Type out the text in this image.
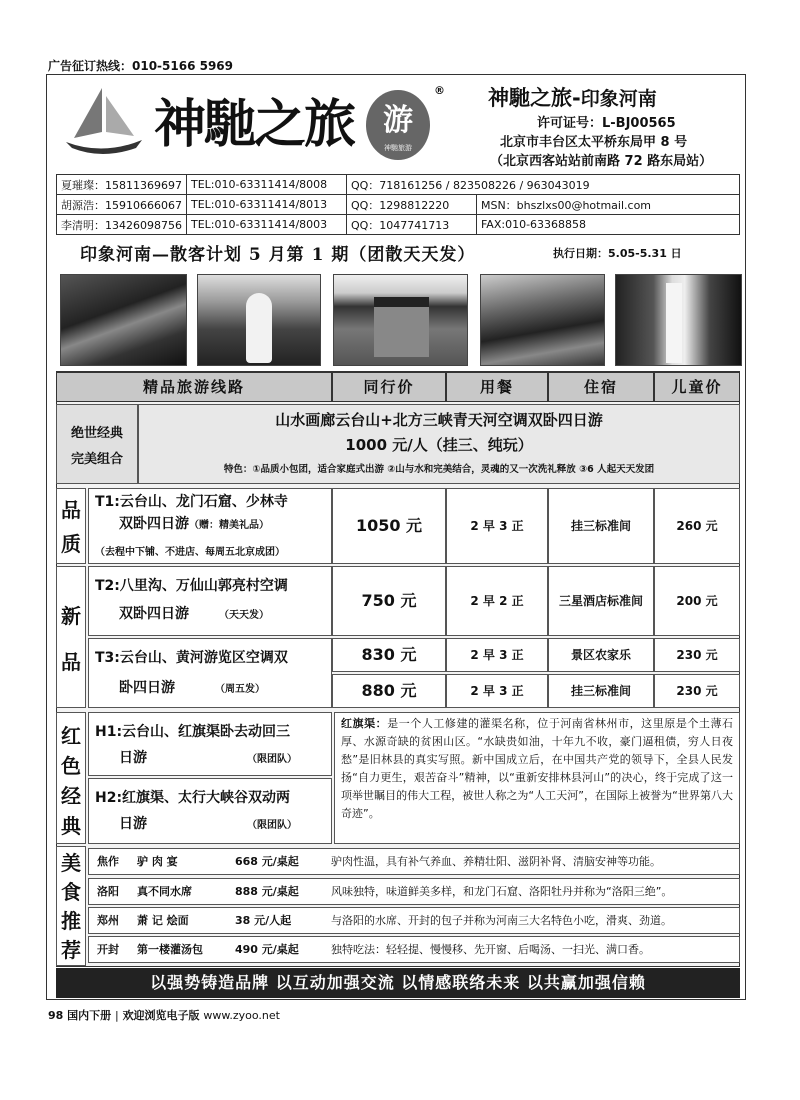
广告征订热线：010-5166 5969
神馳之旅 游
神馳旅游
® 神馳之旅-印象河南
许可证号：L-BJ00565
北京市丰台区太平桥东局甲 8 号
（北京西客站站前南路 72 路东局站）
夏璀璨：15811369697	TEL:010-63311414/8008	QQ：718161256 / 823508226 / 963043019	
胡源浩：15910666067	TEL:010-63311414/8013	QQ：1298812220	MSN：bhszlxs00@hotmail.com
李清明：13426098756	TEL:010-63311414/8003	QQ：1047741713	FAX:010-63368858
印象河南—散客计划 5 月第 1 期（团散天天发）	执行日期：5.05-5.31 日
精品旅游线路	同行价	用餐	住宿	儿童价
绝世经典
完美组合
山水画廊云台山+北方三峡青天河空调双卧四日游
1000 元/人（挂三、纯玩）
特色：①品质小包团，适合家庭式出游 ②山与水和完美结合，灵魂的又一次洗礼释放 ③6 人起天天发团
品质
T1:云台山、龙门石窟、少林寺
双卧四日游（赠：精美礼品）
（去程中下铺、不进店、每周五北京成团）
1050 元	2 早 3 正	挂三标准间	260 元
新品
T2:八里沟、万仙山郭亮村空调
双卧四日游	（天天发）
750 元	2 早 2 正	三星酒店标准间	200 元
T3:云台山、黄河游览区空调双
卧四日游	（周五发）
830 元	2 早 3 正	景区农家乐	230 元
880 元	2 早 3 正	挂三标准间	230 元
红色经典
H1:云台山、红旗渠卧去动回三
日游	（限团队）
H2:红旗渠、太行大峡谷双动两
日游	（限团队）
红旗渠：是一个人工修建的灌渠名称，位于河南省林州市，这里原是个土薄石厚、水源奇缺的贫困山区。“水缺贵如油，十年九不收，豪门逼租债，穷人日夜愁”是旧林县的真实写照。新中国成立后，在中国共产党的领导下，全县人民发扬“自力更生，艰苦奋斗”精神，以“重新安排林县河山”的决心，终于完成了这一项举世瞩目的伟大工程，被世人称之为“人工天河”，在国际上被誉为“世界第八大奇迹”。
美食推荐
焦作 驴 肉 宴	668 元/桌起	驴肉性温，具有补气养血、养精壮阳、滋阴补肾、清脑安神等功能。
洛阳 真不同水席	888 元/桌起	风味独特，味道鲜美多样，和龙门石窟、洛阳牡丹并称为“洛阳三绝”。
郑州 萧 记 烩面	38 元/人起	与洛阳的水席、开封的包子并称为河南三大名特色小吃，滑爽、劲道。
开封 第一楼灌汤包	490 元/桌起	独特吃法：轻轻提、慢慢移、先开窗、后喝汤、一扫光、满口香。
以强势铸造品牌 以互动加强交流 以情感联络未来 以共赢加强信赖
98 国内下册 | 欢迎浏览电子版 www.zyoo.net
